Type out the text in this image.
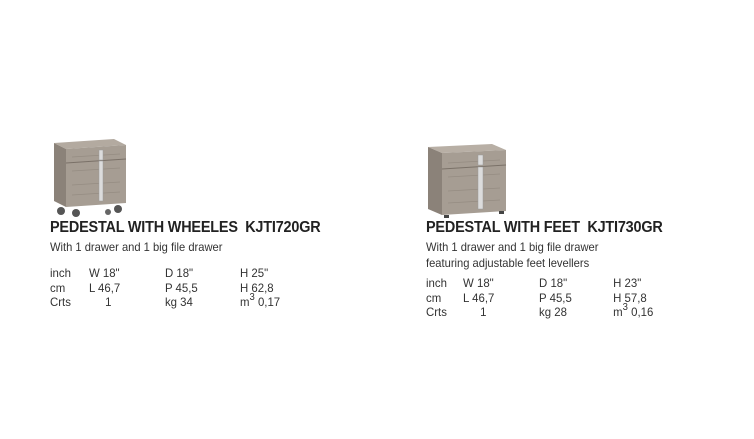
PEDESTAL WITH WHEELES KJTI720GR
With 1 drawer and 1 big file drawer
inch W 18"	D 18"	H 25"
cm L 46,7	P 45,5	H 62,8
Crts	1	kg 34	$m^3$ 0,17
PEDESTAL WITH FEET KJTI730GR
With 1 drawer and 1 big file drawer
featuring adjustable feet levellers
inch W 18"	D 18"	H 23"
cm L 46,7	P 45,5	H 57,8
Crts	1	kg 28	$m^3$ 0,16
